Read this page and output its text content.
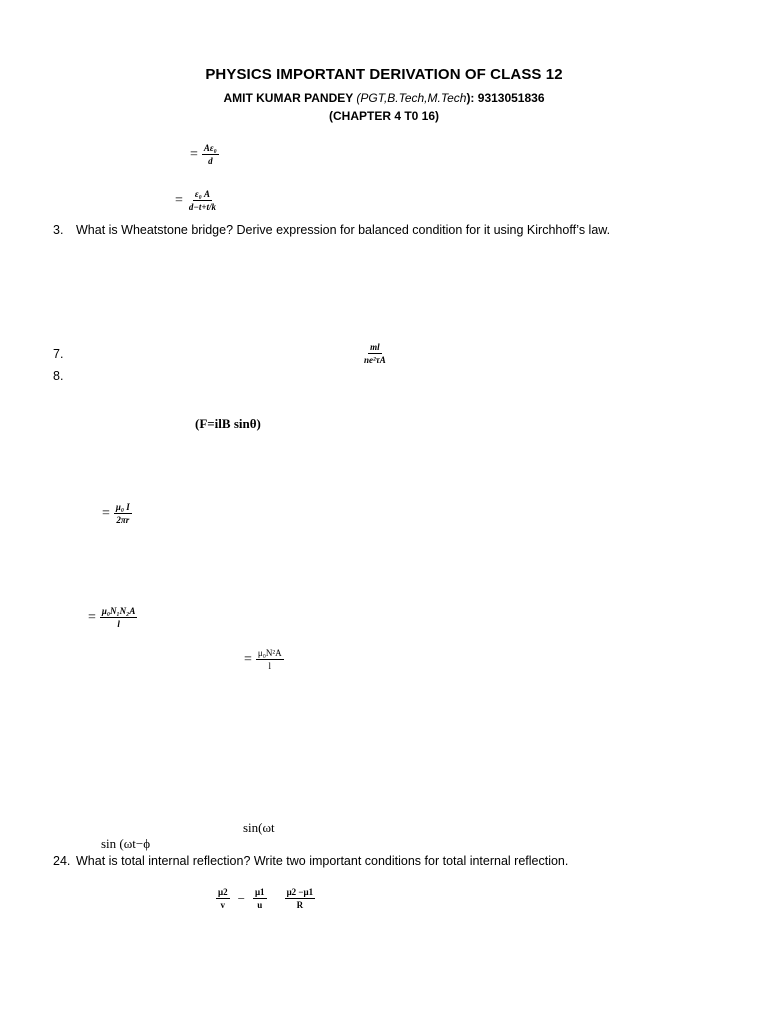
PHYSICS IMPORTANT DERIVATION OF CLASS 12
AMIT KUMAR PANDEY (PGT,B.Tech,M.Tech): 9313051836
(CHAPTER 4 T0 16)
= $\frac{\text{Aε₀}}{d}$
= $\frac{\text{ε₀ A}}{d-t+t/k}$
3. What is Wheatstone bridge? Derive expression for balanced condition for it using Kirchhoff’s law.
7.	$\frac{ml}{\text{ne²τA}}$
8.
(F=ilB sinθ)
= $\frac{\text{μ₀ I}}{2\pi r}$
= $\frac{\text{μ₀N₁N₂A}}{l}$
= $\frac{\text{μ₀N²A}}{l}$
sin(ωt
sin (ωt−ϕ
24. What is total internal reflection? Write two important conditions for total internal reflection.
$\frac{\mu 2}{v} - \frac{\mu 1}{u} \frac{\mu 2 -\mu 1}{R}$
